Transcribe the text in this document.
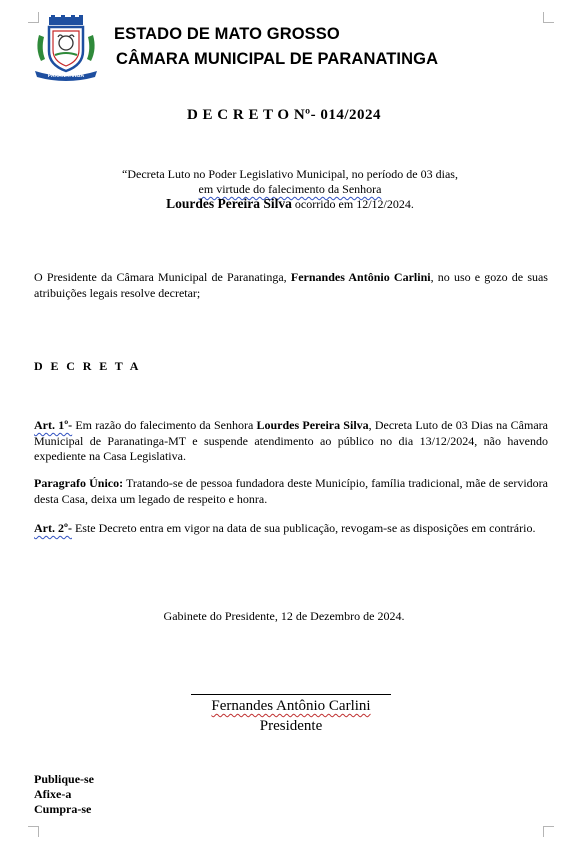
PARANATINGA
ESTADO DE MATO GROSSO
CÂMARA MUNICIPAL DE PARANATINGA
D E C R E T O Nº- 014/2024
“Decreta Luto no Poder Legislativo Municipal, no período de 03 dias,
em virtude do falecimento da Senhora
Lourdes Pereira Silva ocorrido em 12/12/2024.
O Presidente da Câmara Municipal de Paranatinga, Fernandes Antônio Carlini, no uso e gozo de suas atribuições legais resolve decretar;
D E C R E T A
Art. 1º- Em razão do falecimento da Senhora Lourdes Pereira Silva, Decreta Luto de 03 Dias na Câmara Municipal de Paranatinga-MT e suspende atendimento ao público no dia 13/12/2024, não havendo expediente na Casa Legislativa.
Paragrafo Único: Tratando-se de pessoa fundadora deste Município, família tradicional, mãe de servidora desta Casa, deixa um legado de respeito e honra.
Art. 2º- Este Decreto entra em vigor na data de sua publicação, revogam-se as disposições em contrário.
Gabinete do Presidente, 12 de Dezembro de 2024.
Fernandes Antônio Carlini
Presidente
Publique-se
Afixe-a
Cumpra-se
